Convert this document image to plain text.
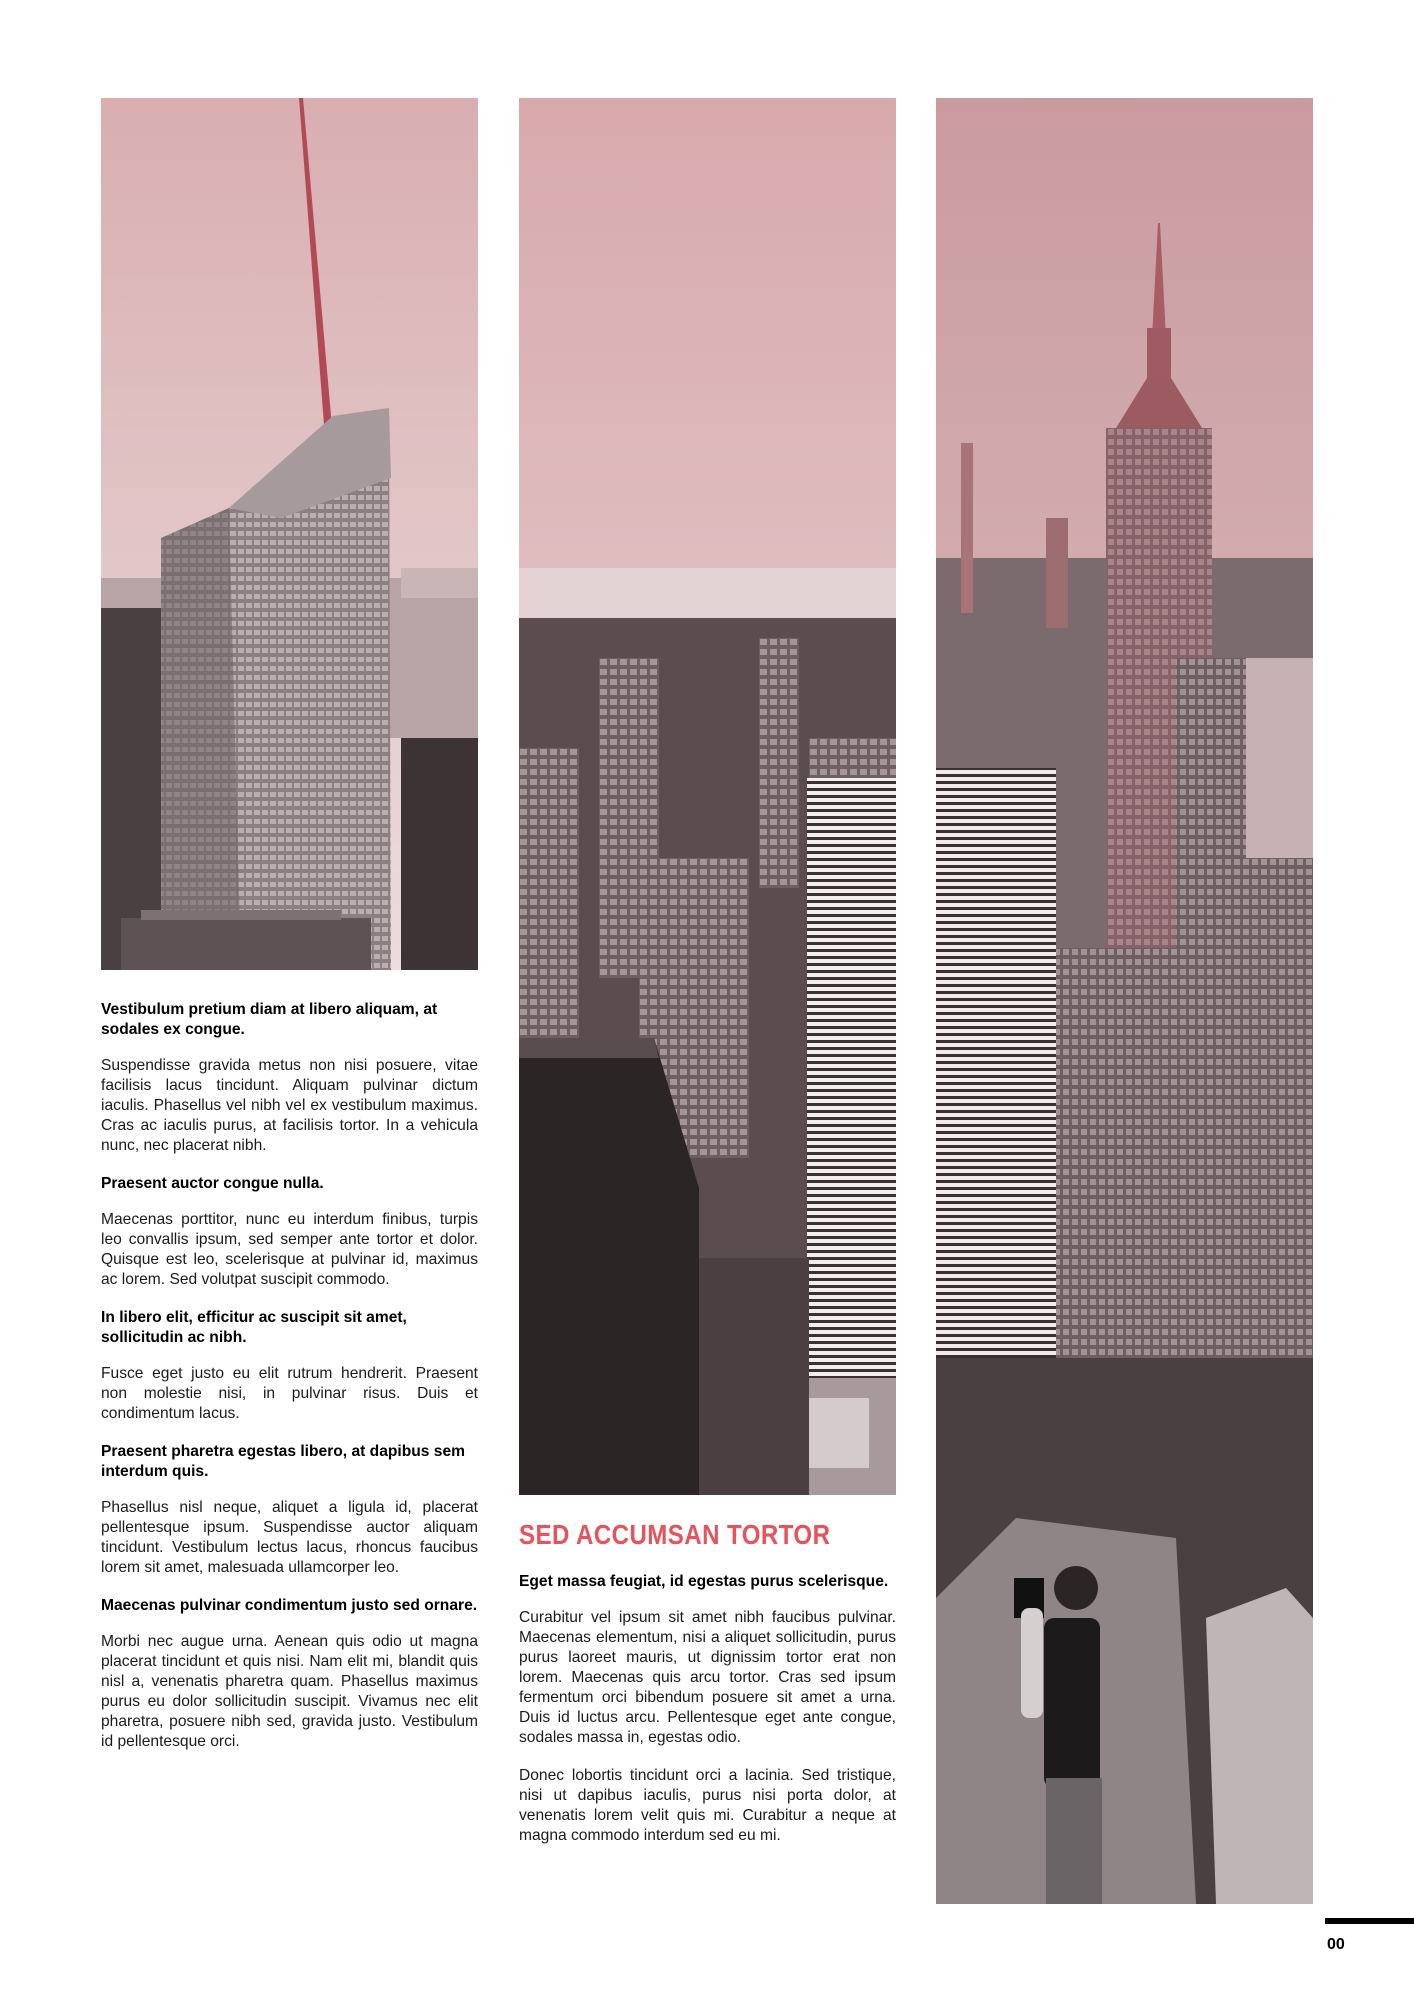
Vestibulum pretium diam at libero aliquam, at sodales ex congue.

Suspendisse gravida metus non nisi posuere, vitae facilisis lacus tincidunt. Aliquam pulvinar dictum iaculis. Phasellus vel nibh vel ex vestibulum maximus. Cras ac iaculis purus, at facilisis tortor. In a vehicula nunc, nec placerat nibh.

Praesent auctor congue nulla.

Maecenas porttitor, nunc eu interdum finibus, turpis leo convallis ipsum, sed semper ante tortor et dolor. Quisque est leo, scelerisque at pulvinar id, maximus ac lorem. Sed volutpat suscipit commodo.

In libero elit, efficitur ac suscipit sit amet, sollicitudin ac nibh.

Fusce eget justo eu elit rutrum hendrerit. Praesent non molestie nisi, in pulvinar risus. Duis et condimentum lacus.

Praesent pharetra egestas libero, at dapibus sem interdum quis.

Phasellus nisl neque, aliquet a ligula id, placerat pellentesque ipsum. Suspendisse auctor aliquam tincidunt. Vestibulum lectus lacus, rhoncus faucibus lorem sit amet, malesuada ullamcorper leo.

Maecenas pulvinar condimentum justo sed ornare.

Morbi nec augue urna. Aenean quis odio ut magna placerat tincidunt et quis nisi. Nam elit mi, blandit quis nisl a, venenatis pharetra quam. Phasellus maximus purus eu dolor sollicitudin suscipit. Vivamus nec elit pharetra, posuere nibh sed, gravida justo. Vestibulum id pellentesque orci.

SED ACCUMSAN TORTOR
Eget massa feugiat, id egestas purus scelerisque.

Curabitur vel ipsum sit amet nibh faucibus pulvinar. Maecenas elementum, nisi a aliquet sollicitudin, purus purus laoreet mauris, ut dignissim tortor erat non lorem. Maecenas quis arcu tortor. Cras sed ipsum fermentum orci bibendum posuere sit amet a urna. Duis id luctus arcu. Pellentesque eget ante congue, sodales massa in, egestas odio.

Donec lobortis tincidunt orci a lacinia. Sed tristique, nisi ut dapibus iaculis, purus nisi porta dolor, at venenatis lorem velit quis mi. Curabitur a neque at magna commodo interdum sed eu mi.

00
